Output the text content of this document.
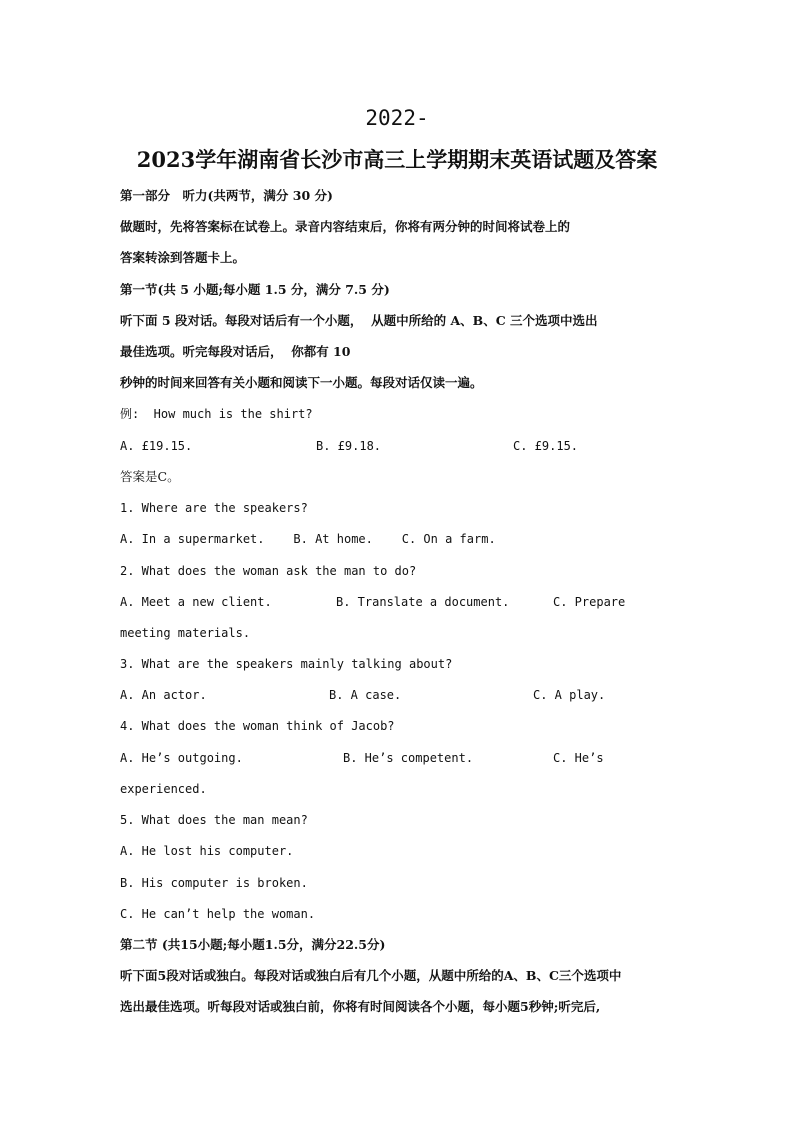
2022-
2023学年湖南省长沙市高三上学期期末英语试题及答案
第一部分　听力(共两节，满分 30 分)
做题时，先将答案标在试卷上。录音内容结束后，你将有两分钟的时间将试卷上的
答案转涂到答题卡上。
第一节(共 5 小题;每小题 1.5 分，满分 7.5 分)
听下面 5 段对话。每段对话后有一个小题，  从题中所给的 A、B、C 三个选项中选出
最佳选项。听完每段对话后，  你都有 10
秒钟的时间来回答有关小题和阅读下一小题。每段对话仅读一遍。
例:  How much is the shirt?
A. £19.15.	B. £9.18.	C. £9.15.
答案是C。
1. Where are the speakers?
A. In a supermarket.    B. At home.    C. On a farm.
2. What does the woman ask the man to do?
A. Meet a new client.	B. Translate a document.	C. Prepare
meeting materials.
3. What are the speakers mainly talking about?
A. An actor.	B. A case.	C. A play.
4. What does the woman think of Jacob?
A. He’s outgoing.	B. He’s competent.	C. He’s
experienced.
5. What does the man mean?
A. He lost his computer.
B. His computer is broken.
C. He can’t help the woman.
第二节 (共15小题;每小题1.5分，满分22.5分)
听下面5段对话或独白。每段对话或独白后有几个小题，从题中所给的A、B、C三个选项中
选出最佳选项。听每段对话或独白前，你将有时间阅读各个小题，每小题5秒钟;听完后,
